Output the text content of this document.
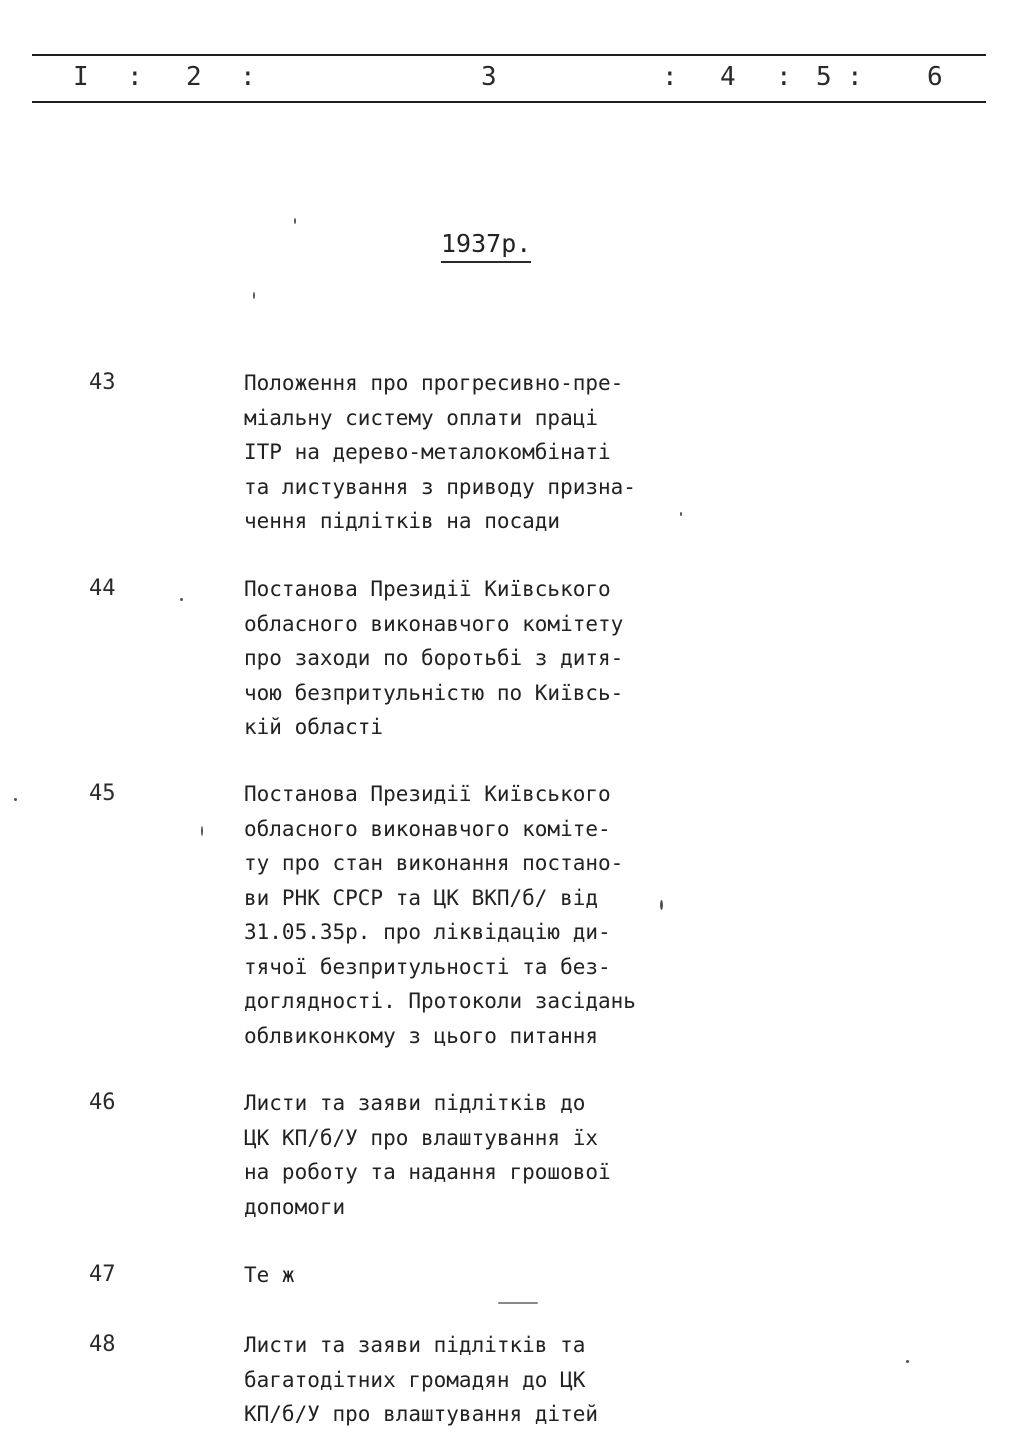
I : 2 :	3	: 4 : 5 : 6
1937р.
43	Положення про прогресивно-пре-
міальну систему оплати праці
ІТР на дерево-металокомбінаті
та листування з приводу призна-
чення підлітків на посади
44	Постанова Президії Київського
обласного виконавчого комітету
про заходи по боротьбі з дитя-
чою безпритульністю по Київсь-
кій області
45	Постанова Президії Київського
обласного виконавчого коміте-
ту про стан виконання постано-
ви РНК СРСР та ЦК ВКП/б/ від
31.05.35р. про ліквідацію ди-
тячої безпритульності та без-
доглядності. Протоколи засідань
облвиконкому з цього питання
46	Листи та заяви підлітків до
ЦК КП/б/У про влаштування їх
на роботу та надання грошової
допомоги
47	Те ж
48	Листи та заяви підлітків та
багатодітних громадян до ЦК
КП/б/У про влаштування дітей
